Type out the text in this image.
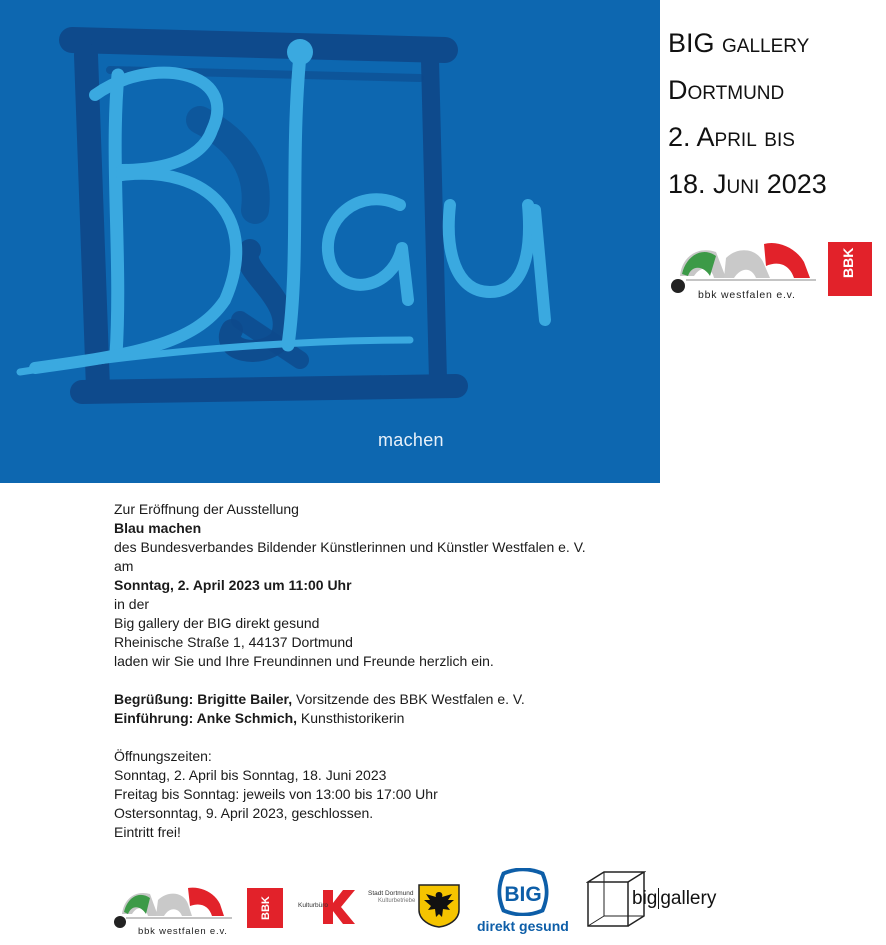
machen
BIG gallery
Dortmund
2. April bis
18. Juni 2023
BBK
bbk westfalen e.v.

Zur Eröffnung der Ausstellung

Blau machen

des Bundesverbandes Bildender Künstlerinnen und Künstler Westfalen e. V.

am

Sonntag, 2. April 2023 um 11:00 Uhr

in der

Big gallery der BIG direkt gesund

Rheinische Straße 1, 44137 Dortmund

laden wir Sie und Ihre Freundinnen und Freunde herzlich ein.

Begrüßung: Brigitte Bailer, Vorsitzende des BBK Westfalen e. V.

Einführung: Anke Schmich, Kunsthistorikerin

Öffnungszeiten:

Sonntag, 2. April bis Sonntag, 18. Juni 2023

Freitag bis Sonntag: jeweils von 13:00 bis 17:00 Uhr

Ostersonntag, 9. April 2023, geschlossen.

Eintritt frei!

bbk westfalen e.v.
BBK	Kulturbüro
Stadt Dortmund
Kulturbetriebe	BIG
direkt gesund
big gallery
